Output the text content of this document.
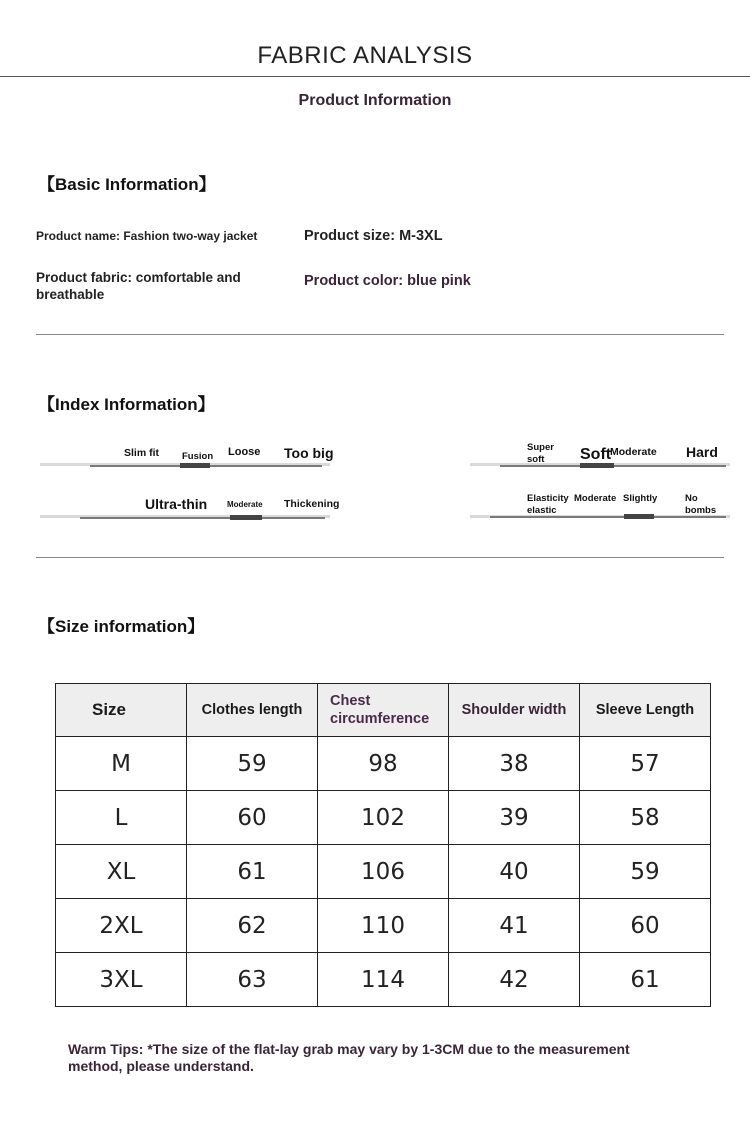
FABRIC ANALYSIS
Product Information
【Basic Information】
Product name: Fashion two-way jacket	Product size: M-3XL
Product fabric: comfortable and breathable
Product color: blue pink
【Index Information】
Slim fit Fusion Loose Too big
Ultra-thin Moderate Thickening
Super soft	Soft
Moderate Hard
Elasticity Moderate Slightly elastic
No bombs
【Size information】
Size	Clothes length	Chest circumference	Shoulder width	Sleeve Length
M	59	98	38	57
L	60	102	39	58
XL	61	106	40	59
2XL	62	110	41	60
3XL	63	114	42	61
Warm Tips: *The size of the flat-lay grab may vary by 1-3CM due to the measurement method, please understand.
